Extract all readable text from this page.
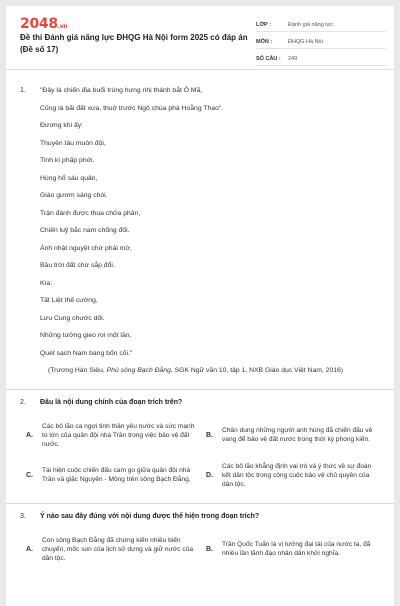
2048.vn
Đề thi Đánh giá năng lực ĐHQG Hà Nội form 2025 có đáp án (Đề số 17)
LỚP :	Đánh giá năng lực
MÔN :	ĐHQG Hà Nội
SỐ CÂU :	249
1.	"Đây là chiến địa buổi trùng hưng nhị thánh bắt Ô Mã,
Cũng là bãi đất xưa, thuở trước Ngô chúa phá Hoằng Thao".
Đương khi ấy:
Thuyền tàu muôn đội,
Tinh kì phấp phới.
Hùng hổ sáu quân,
Giáo gươm sáng chói.
Trận đánh được thua chửa phân,
Chiến luỹ bắc nam chống đối.
Ánh nhật nguyệt chừ phải mờ,
Bầu trời đất chừ sắp đổi.
Kìa:
Tất Liệt thế cường,
Lưu Cung chước dối.
Những tưởng gieo roi một lần,
Quét sạch Nam bang bốn cõi."
(Trương Hán Siêu, Phú sông Bạch Đằng, SGK Ngữ văn 10, tập 1, NXB Giáo dục Việt Nam, 2016)
2. Đâu là nội dung chính của đoạn trích trên?
A.
Các bô lão ca ngợi tinh thần yêu nước và sức mạnh to lớn của quân đội nhà Trần trong việc bảo vệ đất nước.
B.
Chân dung những người anh hùng đã chiến đấu vẻ vang để bảo vệ đất nước trong thời kỳ phong kiến.
C.
Tái hiện cuộc chiến đấu cam go giữa quân đội nhà Trần và giặc Nguyên - Mông trên sông Bạch Đằng.
D.
Các bô lão khẳng định vai trò và ý thức về sự đoàn kết dân tộc trong công cuộc bảo vệ chủ quyền của dân tộc.
3. Ý nào sau đây đúng với nội dung được thể hiện trong đoạn trích?
A.
Con sông Bạch Đằng đã chứng kiến nhiều biến chuyển, mốc son của lịch sử dựng và giữ nước của dân tộc.
B.
Trần Quốc Tuấn là vị tướng đại tài của nước ta, đã nhiều lần lãnh đạo nhân dân khởi nghĩa.
